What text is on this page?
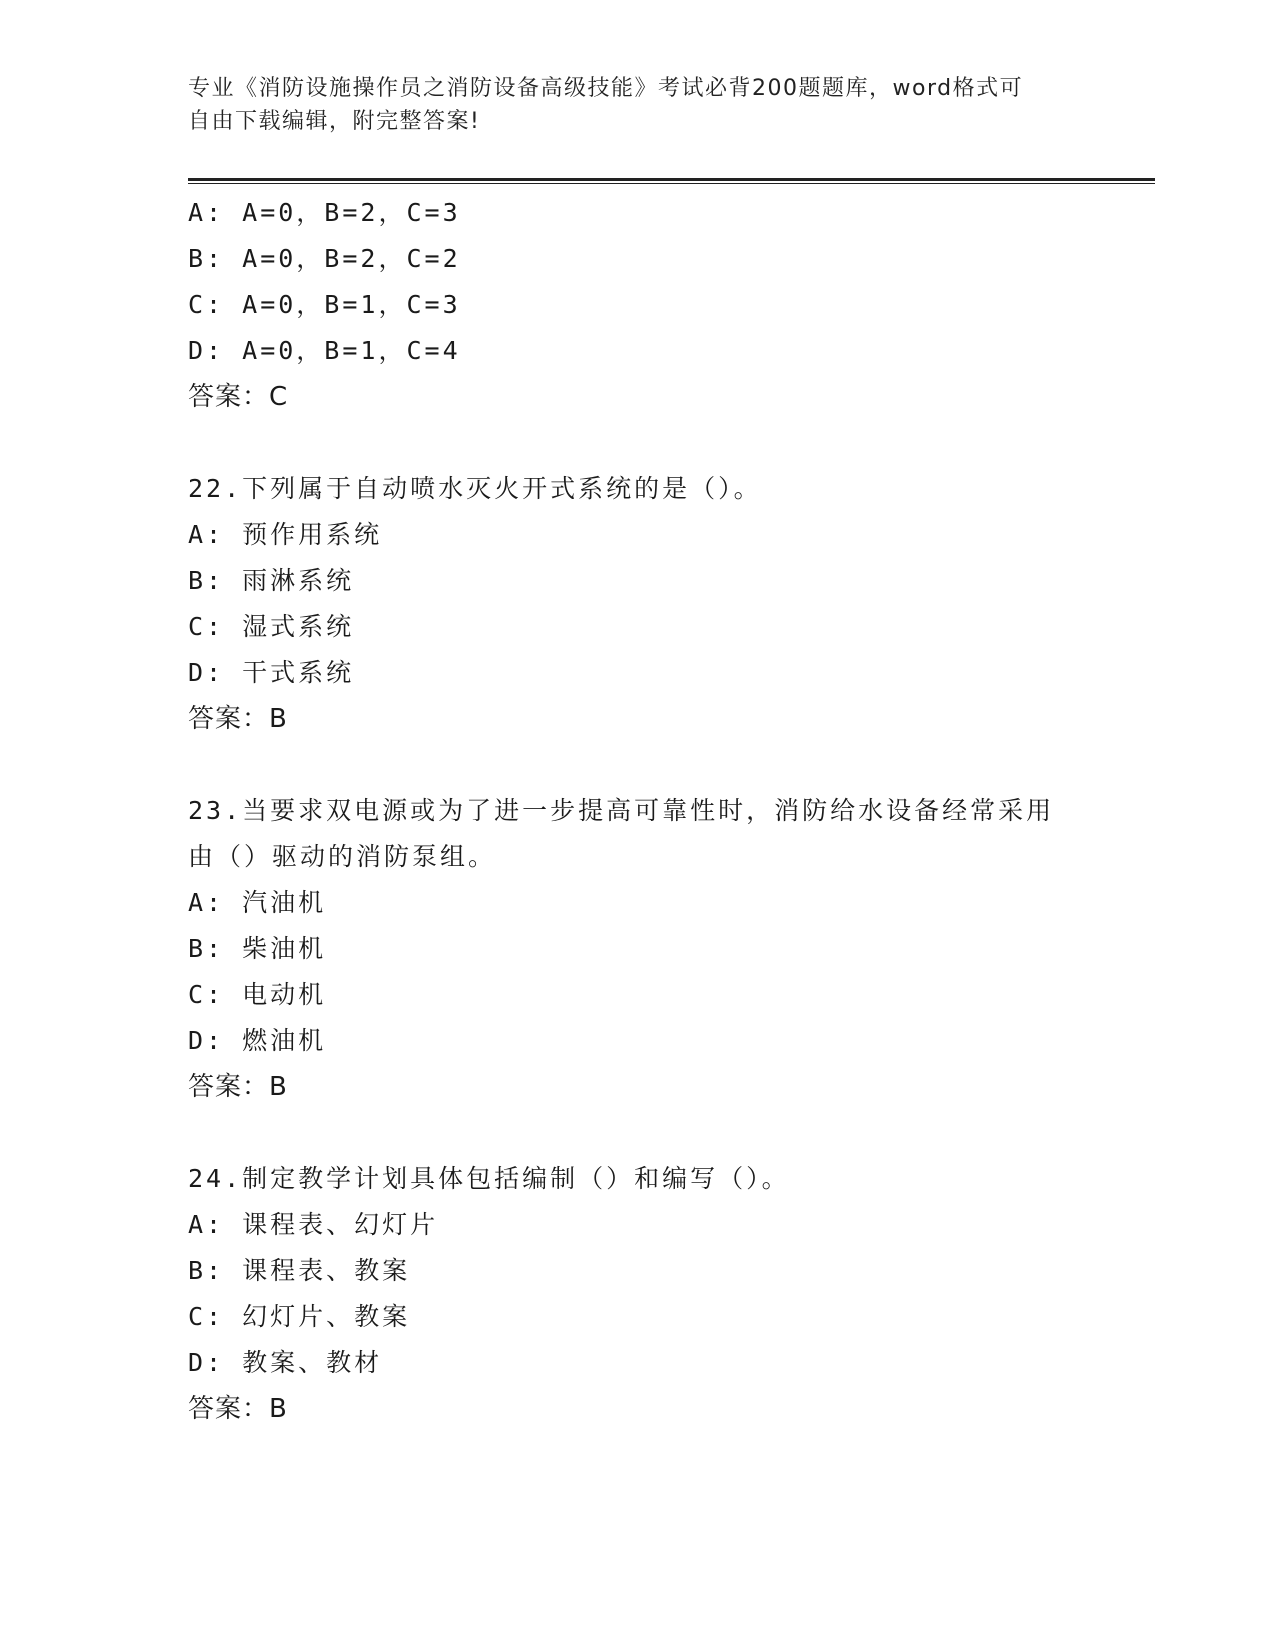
专业《消防设施操作员之消防设备高级技能》考试必背200题题库，word格式可
自由下载编辑，附完整答案!
A: A=0，B=2，C=3
B: A=0，B=2，C=2
C: A=0，B=1，C=3
D: A=0，B=1，C=4
答案：C
22.下列属于自动喷水灭火开式系统的是（）。
A: 预作用系统
B: 雨淋系统
C: 湿式系统
D: 干式系统
答案：B
23.当要求双电源或为了进一步提高可靠性时，消防给水设备经常采用
由（）驱动的消防泵组。
A: 汽油机
B: 柴油机
C: 电动机
D: 燃油机
答案：B
24.制定教学计划具体包括编制（）和编写（）。
A: 课程表、幻灯片
B: 课程表、教案
C: 幻灯片、教案
D: 教案、教材
答案：B
